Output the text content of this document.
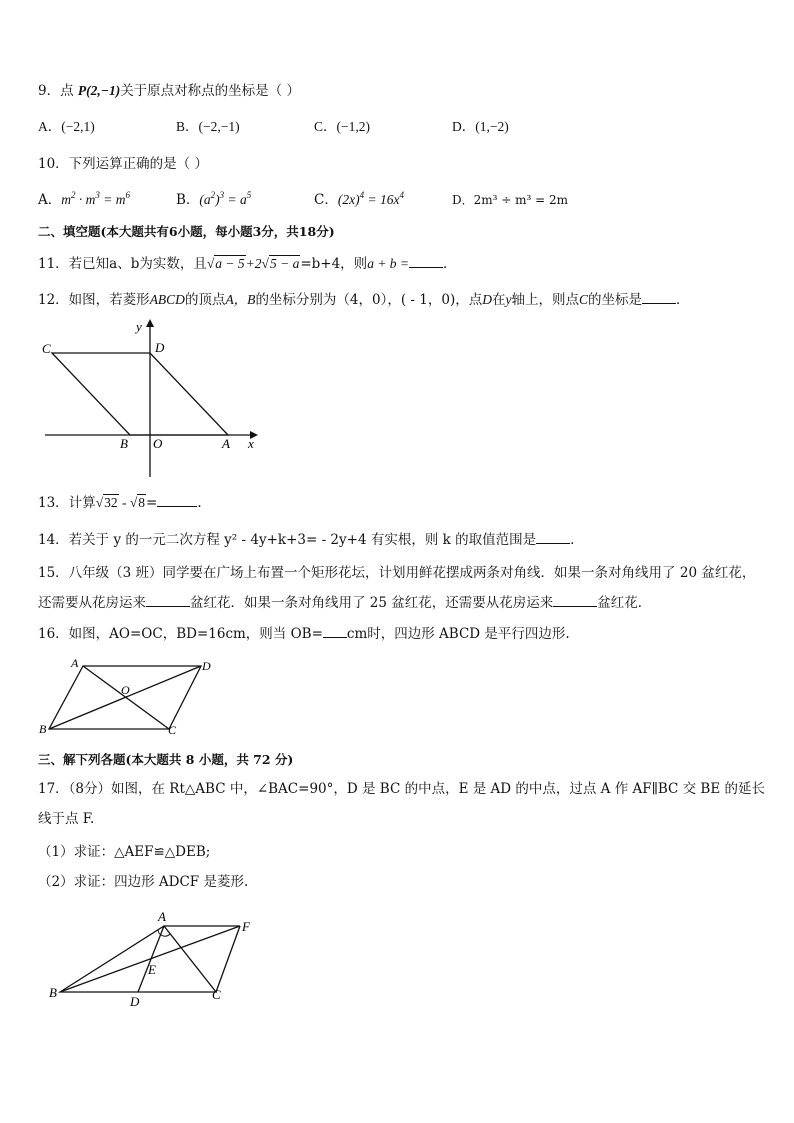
9．点 P(2,−1)关于原点对称点的坐标是（ ）
A．(−2,1)	B．(−2,−1)	C．(−1,2)	D．(1,−2)
10．下列运算正确的是（ ）
A．$m^2 \cdot m^3 = m^6$	B．$(a^2)^3 = a^5$	C．$(2x)^4 = 16x^4$	D．2m³ ÷ m³ = 2m
二、填空题(本大题共有6小题，每小题3分，共18分)
11．若已知a、b为实数，且√a − 5+2√5 − a=b+4，则a + b =	．
12．如图，若菱形ABCD的顶点A，B的坐标分别为（4，0），( - 1，0)，点D在y轴上，则点C的坐标是	．
C	D
y
B O	A x
13．计算√32 - √8=	.
14．若关于 y 的一元二次方程 y² - 4y+k+3= - 2y+4 有实根，则 k 的取值范围是	．
15．八年级（3 班）同学要在广场上布置一个矩形花坛，计划用鲜花摆成两条对角线．如果一条对角线用了 20 盆红花，
还需要从花房运来	盆红花．如果一条对角线用了 25 盆红花，还需要从花房运来	盆红花．
16．如图，AO=OC，BD=16cm，则当 OB= cm时，四边形 ABCD 是平行四边形.
A	D
O
B	C
三、解下列各题(本大题共 8 小题，共 72 分)
17．（8分）如图，在 Rt△ABC 中，∠BAC=90°，D 是 BC 的中点，E 是 AD 的中点，过点 A 作 AF∥BC 交 BE 的延长
线于点 F.
（1）求证：△AEF≌△DEB;
（2）求证：四边形 ADCF 是菱形.
A
F
E
B
D	C
